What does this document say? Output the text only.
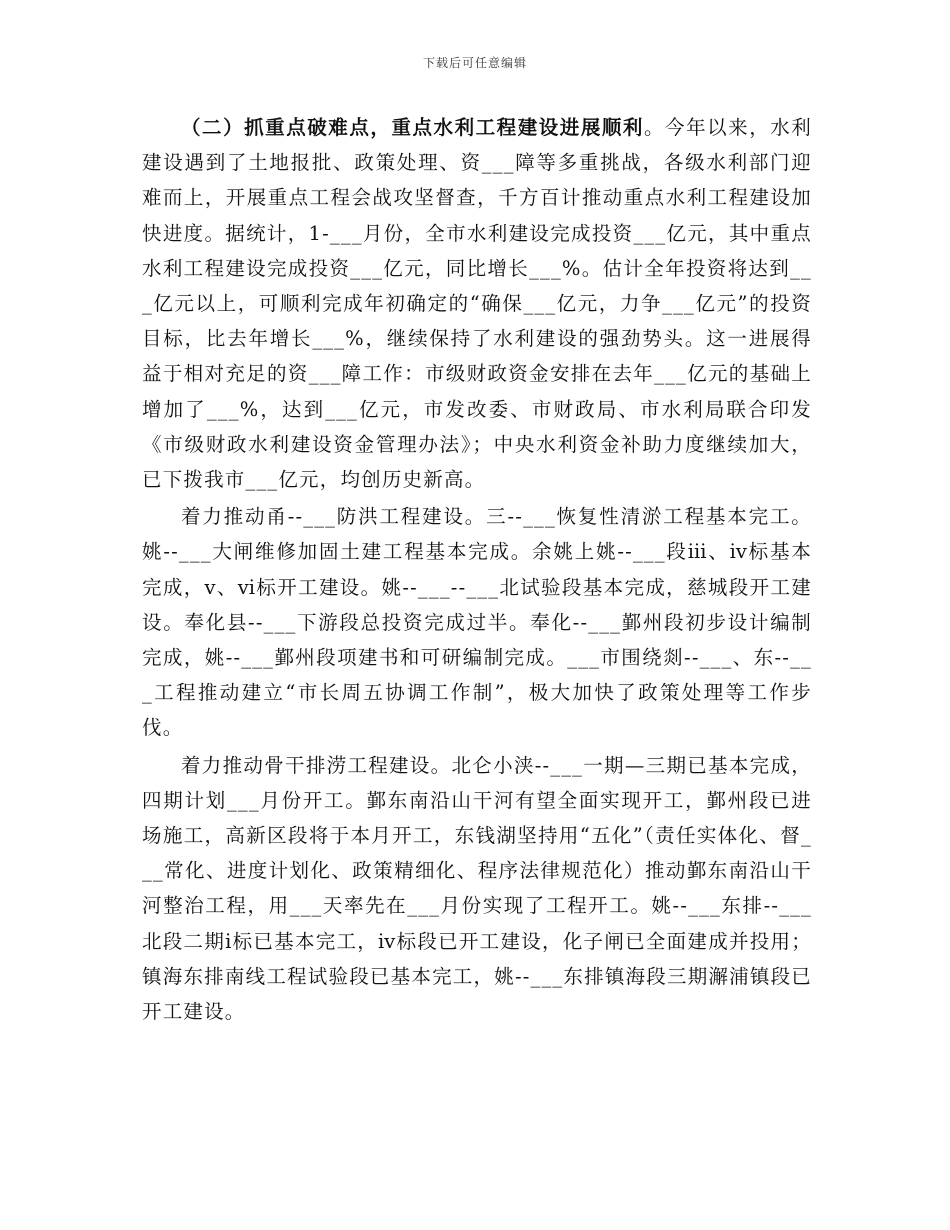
下载后可任意编辑

（二）抓重点破难点，重点水利工程建设进展顺利。今年以来，水利建设遇到了土地报批、政策处理、资___障等多重挑战，各级水利部门迎难而上，开展重点工程会战攻坚督查，千方百计推动重点水利工程建设加快进度。据统计，1-___月份，全市水利建设完成投资___亿元，其中重点水利工程建设完成投资___亿元，同比增长___%。估计全年投资将达到___亿元以上，可顺利完成年初确定的“确保___亿元，力争___亿元”的投资目标，比去年增长___%，继续保持了水利建设的强劲势头。这一进展得益于相对充足的资___障工作：市级财政资金安排在去年___亿元的基础上增加了___%，达到___亿元，市发改委、市财政局、市水利局联合印发《市级财政水利建设资金管理办法》；中央水利资金补助力度继续加大，已下拨我市___亿元，均创历史新高。

着力推动甬--___防洪工程建设。三--___恢复性清淤工程基本完工。姚--___大闸维修加固土建工程基本完成。余姚上姚--___段ⅲ、ⅳ标基本完成，ⅴ、ⅵ标开工建设。姚--___--___北试验段基本完成，慈城段开工建设。奉化县--___下游段总投资完成过半。奉化--___鄞州段初步设计编制完成，姚--___鄞州段项建书和可研编制完成。___市围绕剡--___、东--___工程推动建立“市长周五协调工作制”，极大加快了政策处理等工作步伐。

着力推动骨干排涝工程建设。北仑小浃--___一期—三期已基本完成，四期计划___月份开工。鄞东南沿山干河有望全面实现开工，鄞州段已进场施工，高新区段将于本月开工，东钱湖坚持用“五化”（责任实体化、督___常化、进度计划化、政策精细化、程序法律规范化）推动鄞东南沿山干河整治工程，用___天率先在___月份实现了工程开工。姚--___东排--___北段二期ⅰ标已基本完工，ⅳ标段已开工建设，化子闸已全面建成并投用；镇海东排南线工程试验段已基本完工，姚--___东排镇海段三期澥浦镇段已开工建设。
